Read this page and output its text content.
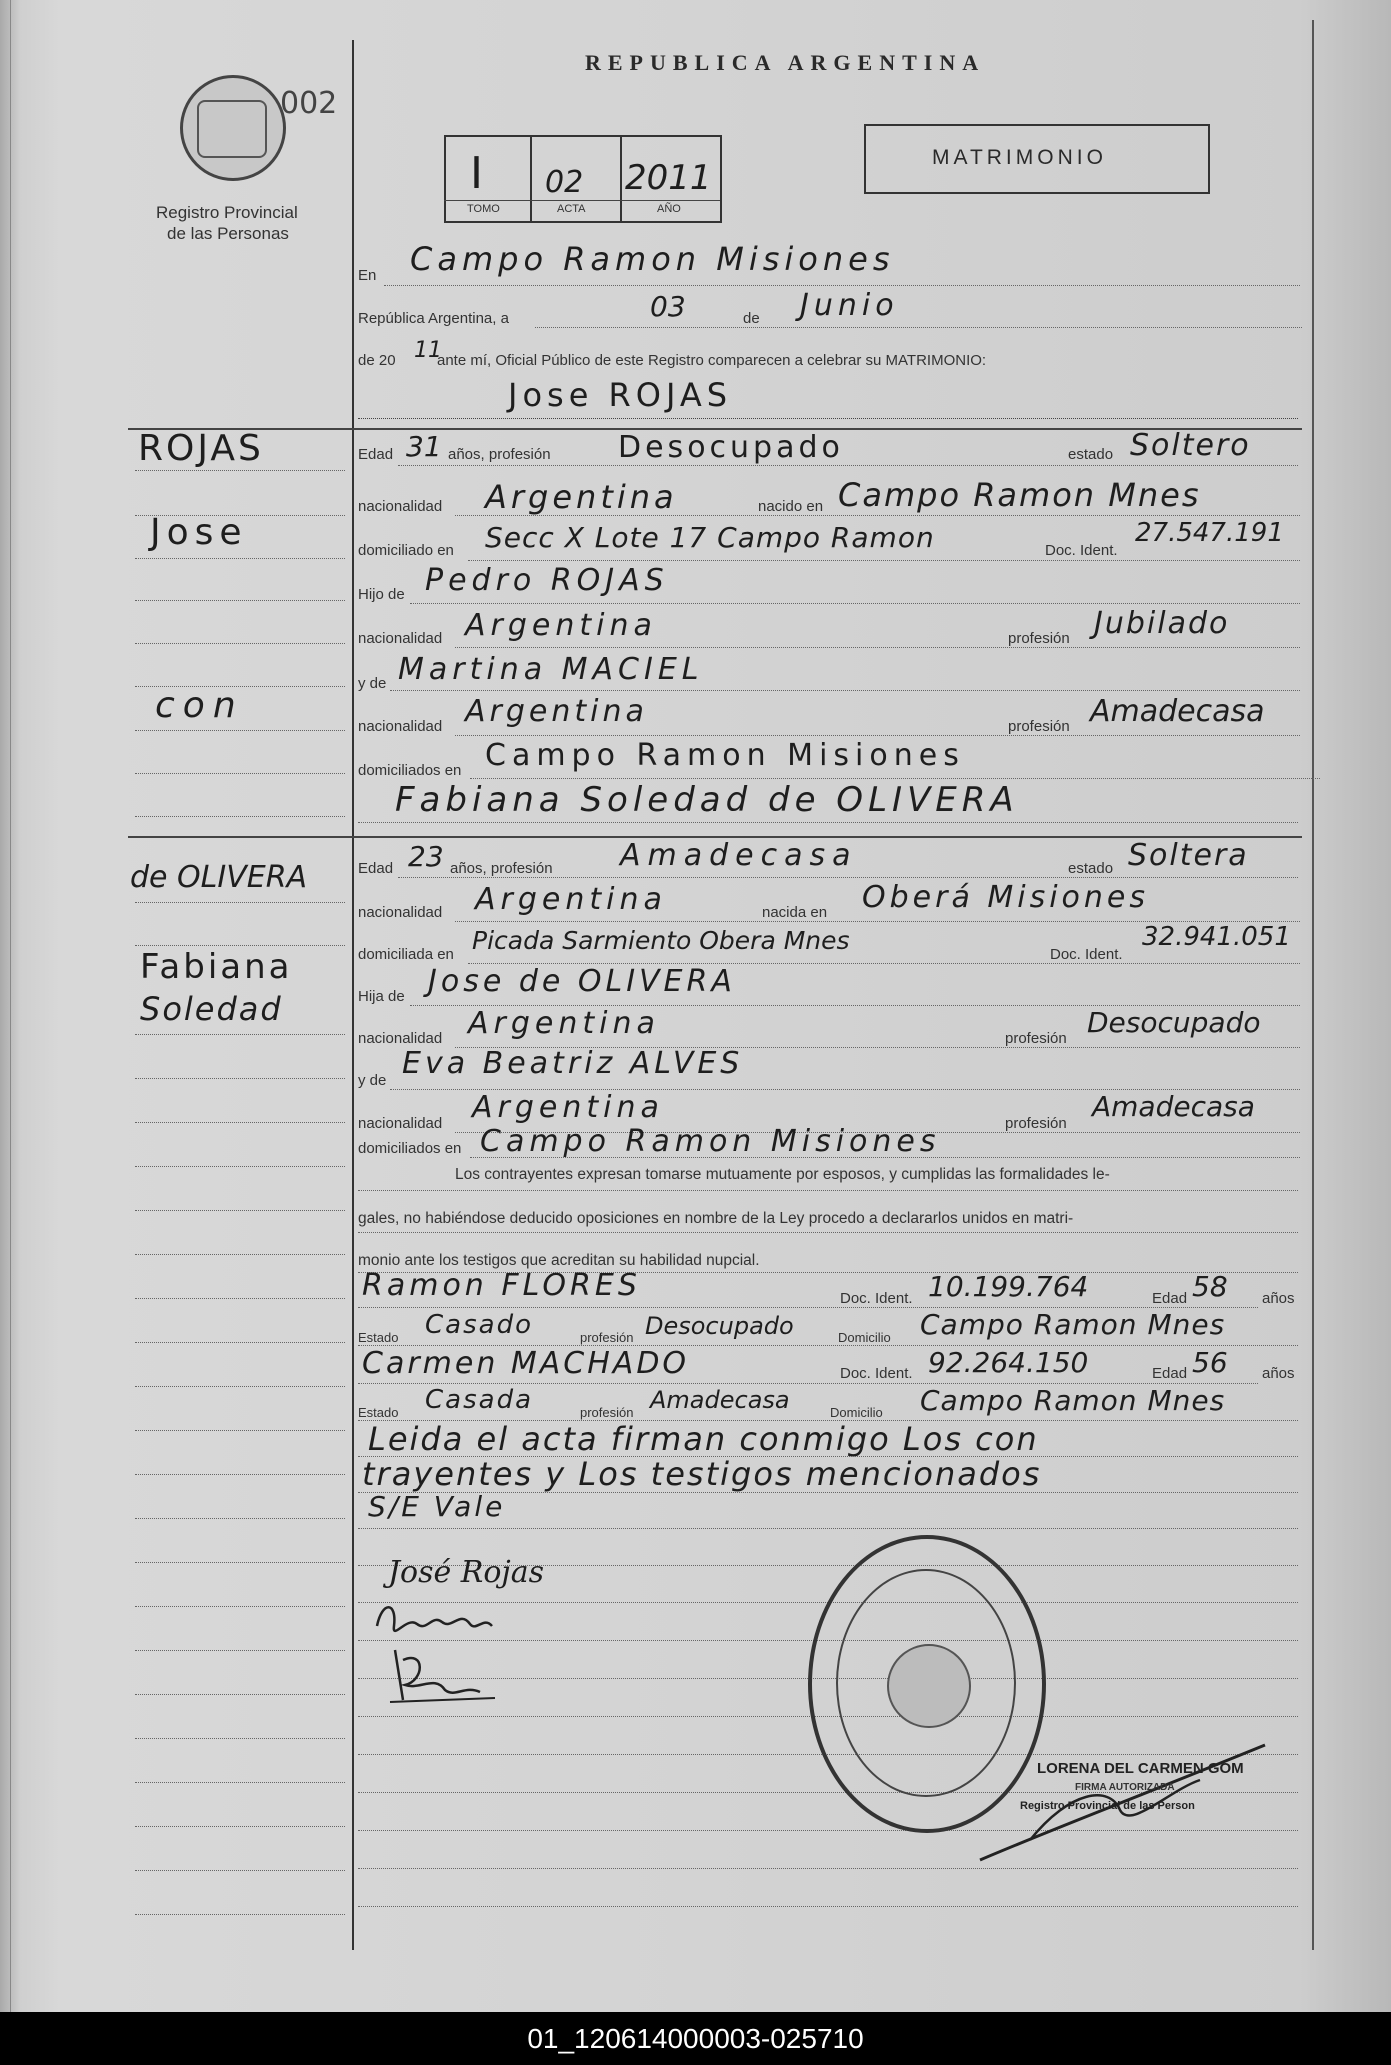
002
Registro Provincial
de las Personas
REPUBLICA ARGENTINA
I 02 2011
TOMO	ACTA	AÑO
MATRIMONIO
En Campo Ramon Misiones
República Argentina, a	03	de Junio
de 20 11
ante mí, Oficial Público de este Registro comparecen a celebrar su MATRIMONIO:
Jose ROJAS
ROJAS
Jose
con
de OLIVERA
Fabiana
Soledad
Edad 31 años, profesión Desocupado	estado Soltero
nacionalidad Argentina	nacido en Campo Ramon Mnes
domiciliado en Secc X Lote 17 Campo Ramon	Doc. Ident.
27.547.191
Hijo de Pedro ROJAS
nacionalidad Argentina	profesión Jubilado
y de Martina MACIEL
nacionalidad Argentina	profesión Amadecasa
domiciliados en Campo Ramon Misiones
Fabiana Soledad de OLIVERA
Edad 23 años, profesión Amadecasa	estado Soltera
nacionalidad Argentina	nacida en Oberá Misiones
domiciliada en Picada Sarmiento Obera Mnes	Doc. Ident.
32.941.051
Hija de Jose de OLIVERA
nacionalidad Argentina	profesión Desocupado
y de Eva Beatriz ALVES
nacionalidad Argentina	profesión
Amadecasa
domiciliados en Campo Ramon Misiones
Los contrayentes expresan tomarse mutuamente por esposos, y cumplidas las formalidades le-
gales, no habiéndose deducido oposiciones en nombre de la Ley procedo a declararlos unidos en matri-
monio ante los testigos que acreditan su habilidad nupcial.
Ramon FLORES	Doc. Ident. 10.199.764	Edad 58 años
Estado Casado	profesión Desocupado	Domicilio Campo Ramon Mnes
Carmen MACHADO	Doc. Ident. 92.264.150	Edad 56 años
Estado Casada	profesión Amadecasa	Domicilio Campo Ramon Mnes
Leida el acta firman conmigo Los con
trayentes y Los testigos mencionados
S/E Vale
José Rojas
LORENA DEL CARMEN GOM
FIRMA AUTORIZADA
Registro Provincial de las Person
01_120614000003-025710
